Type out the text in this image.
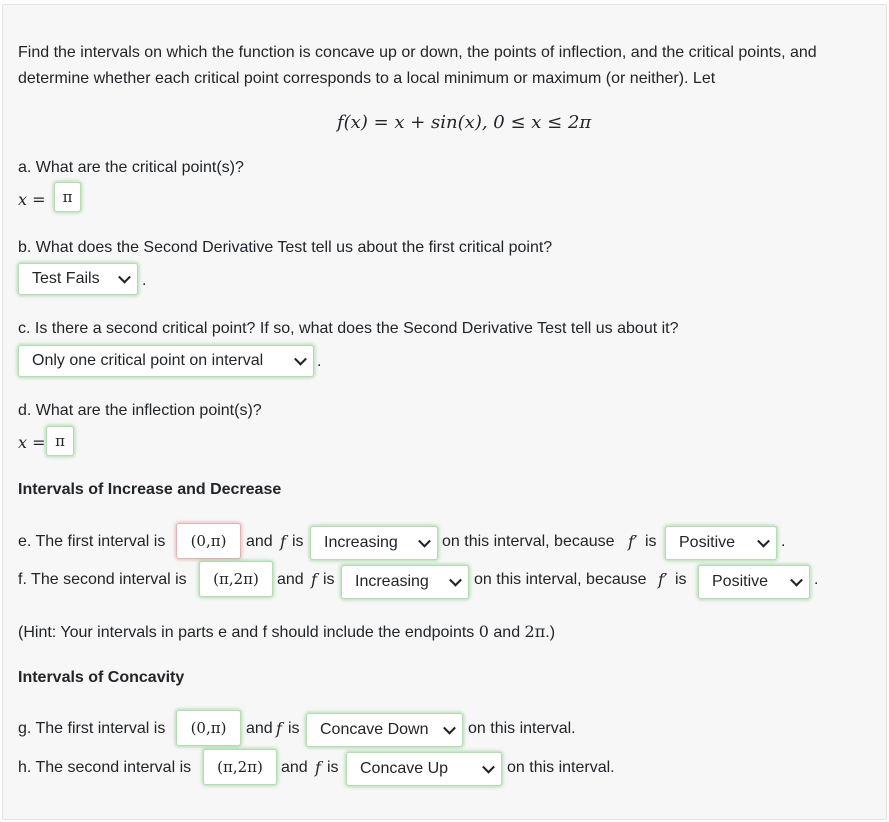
Find the intervals on which the function is concave up or down, the points of inflection, and the critical points, and
determine whether each critical point corresponds to a local minimum or maximum (or neither). Let
f(x) = x + sin(x), 0 ≤ x ≤ 2π
a. What are the critical point(s)?
x =	π
b. What does the Second Derivative Test tell us about the first critical point?
Test Fails	.
c. Is there a second critical point? If so, what does the Second Derivative Test tell us about it?
Only one critical point on interval	.
d. What are the inflection point(s)?
x = π
Intervals of Increase and Decrease
e. The first interval is	(0,π)	and f is Increasing	on this interval, because f′ is Positive	.
f. The second interval is	(π,2π)	and f is Increasing	on this interval, because f′ is Positive	.
(Hint: Your intervals in parts e and f should include the endpoints 0 and 2π.)
Intervals of Concavity
g. The first interval is	(0,π)	and f is Concave Down on this interval.
h. The second interval is	(π,2π)	and f is Concave Up	on this interval.
